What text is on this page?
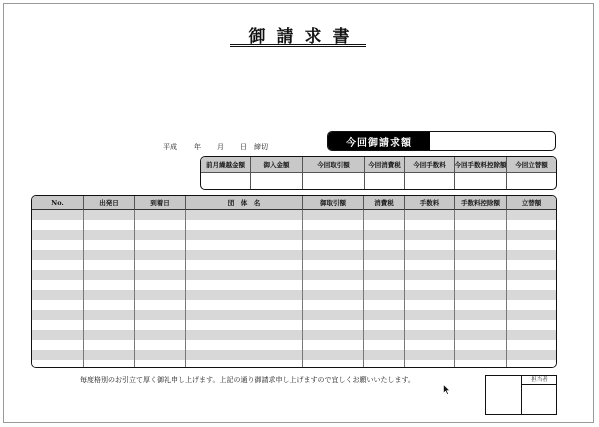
御請求書
平成 年 月 日 締切	今回御請求額
前月繰越金額	御入金額	今回取引額	今回消費税	今回手数料	今回手数料控除額	今回立替額
No.	出発日	到着日	団　体　名	御取引額	消費税	手数料	手数料控除額	立替額
毎度格別のお引立て厚く御礼申し上げます。上記の通り御請求申し上げますので宜しくお願いいたします。	担当者
